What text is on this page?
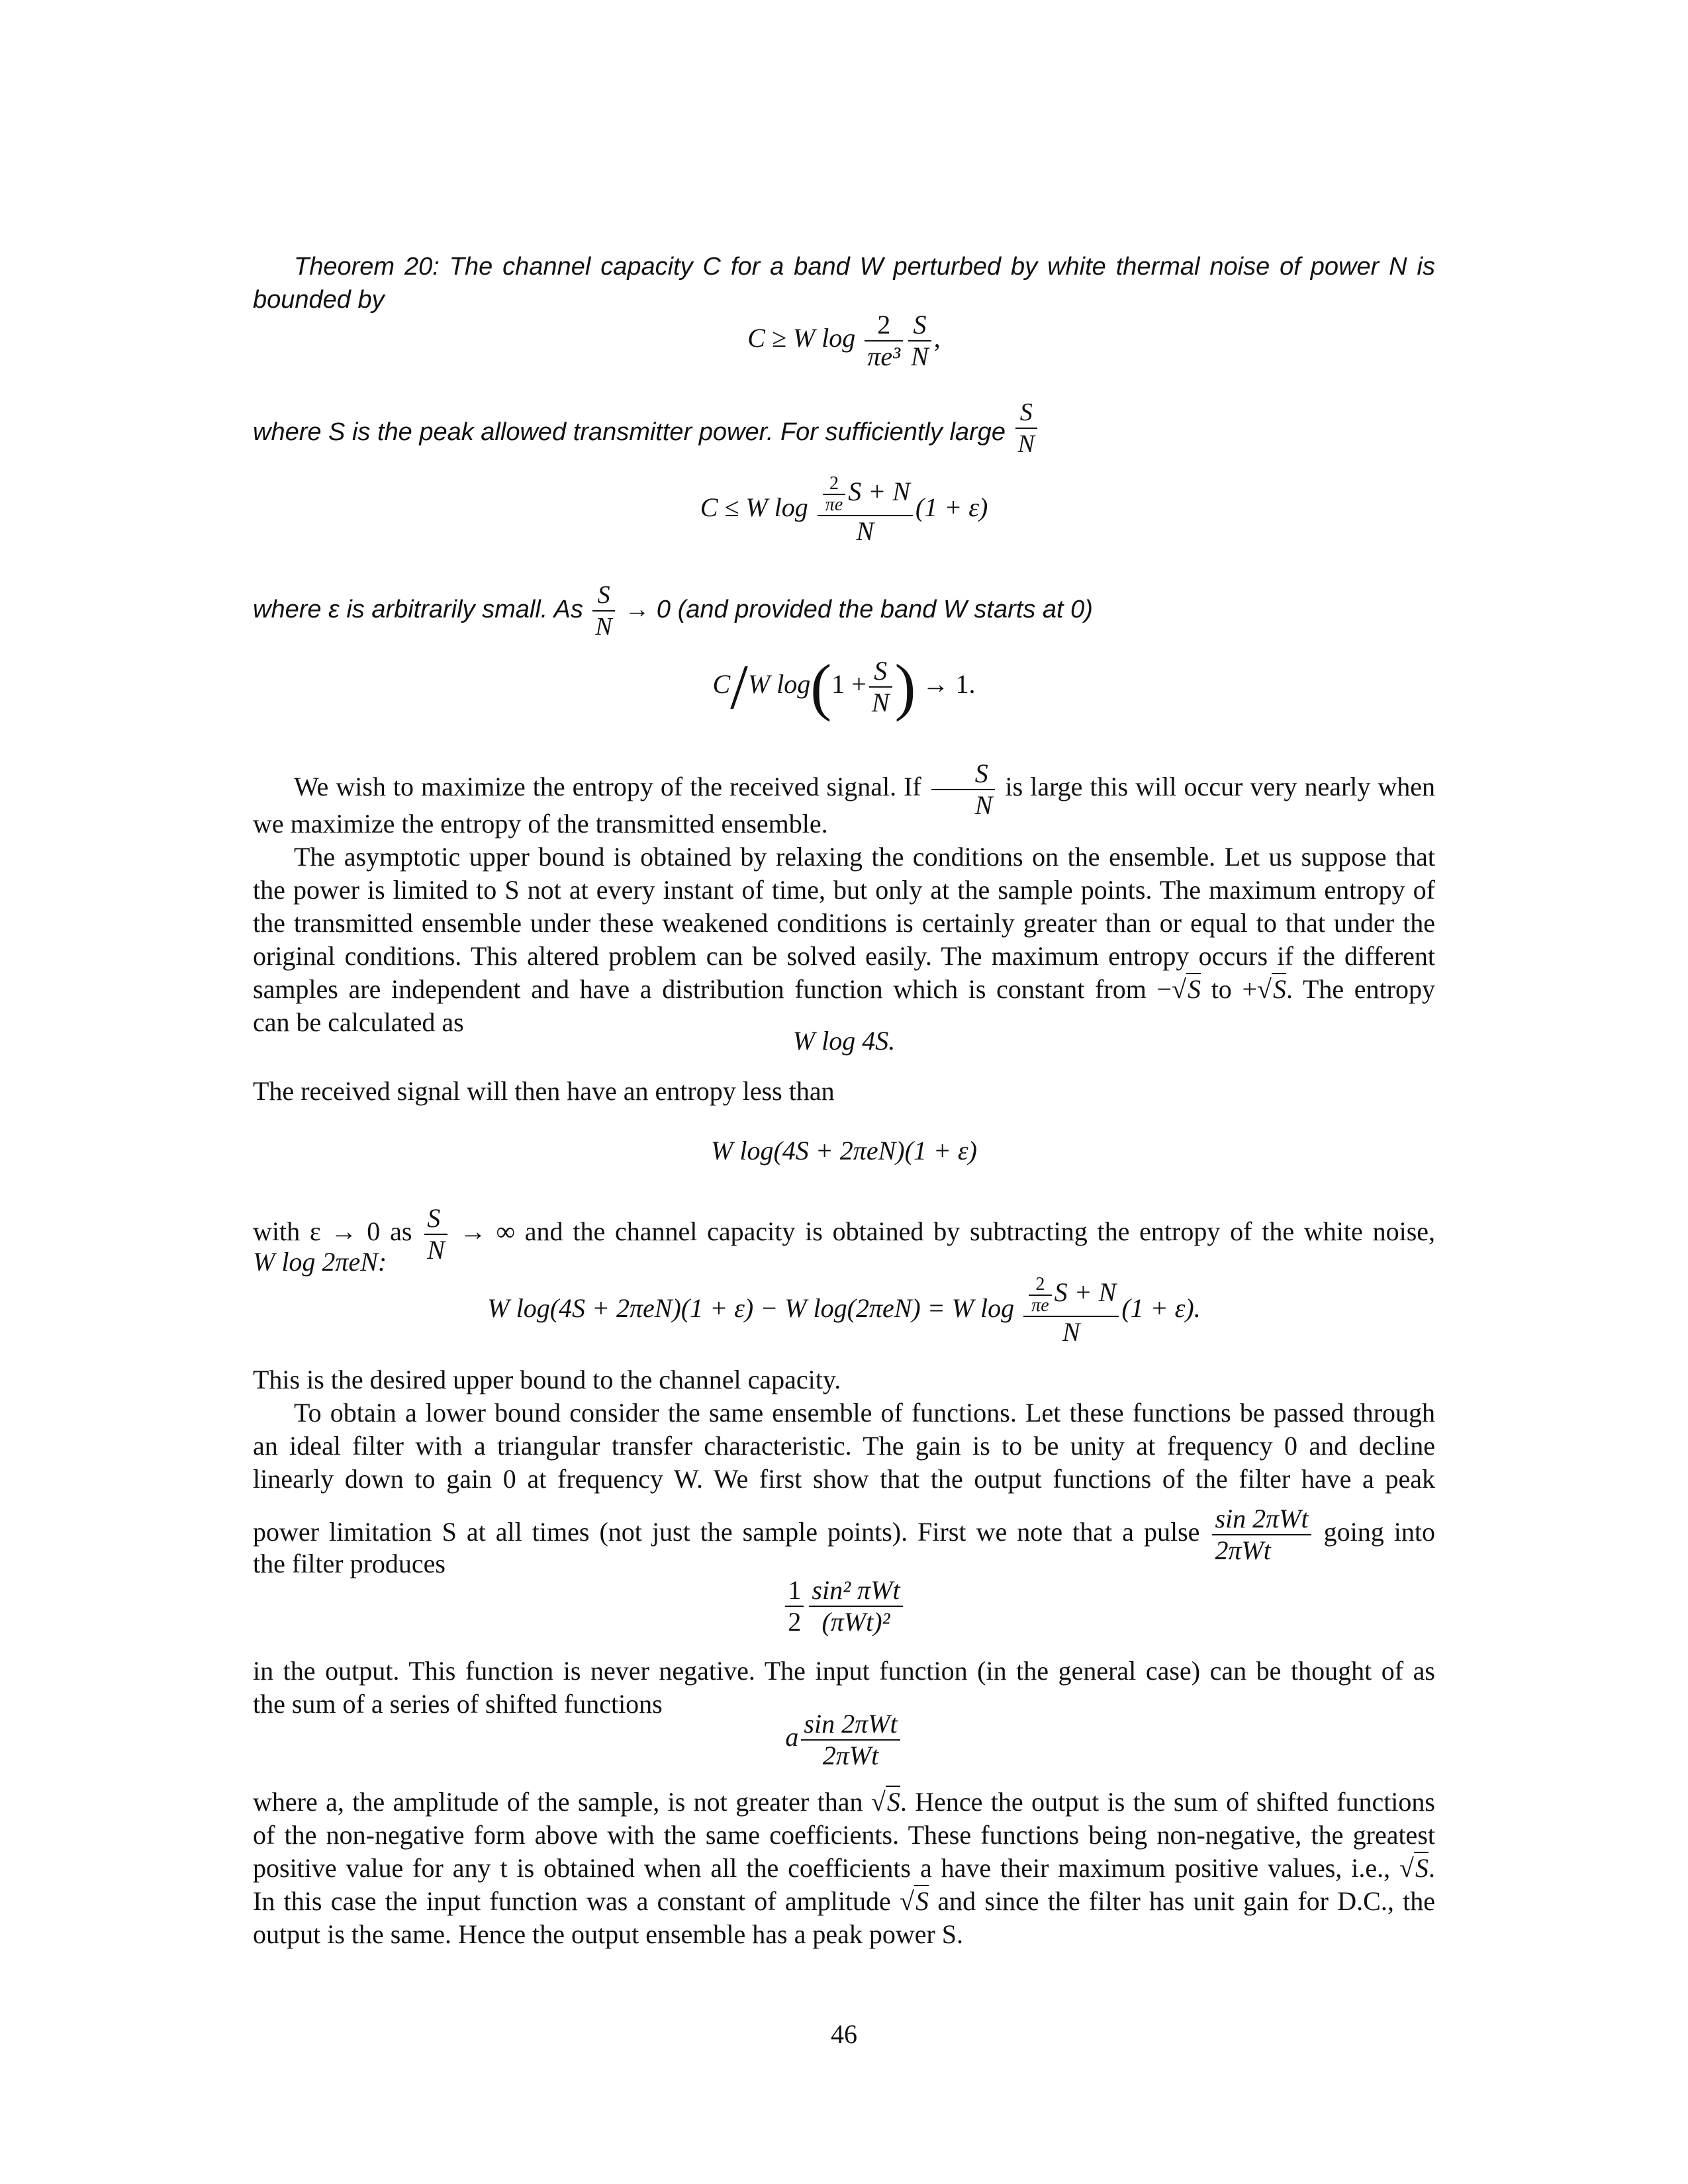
Theorem 20: The channel capacity C for a band W perturbed by white thermal noise of power N is
bounded by
C ≥ W $\log \frac{2}{\text{πe³}} \frac{S}{N}$ ,
where S is the peak allowed transmitter power. For sufficiently large $\frac{S}{N}$
C ≤ W $\log \frac{\frac{2}{\pi e} S + N}{N} (1 + \varepsilon)$
where ε is arbitrarily small. As $\frac{S}{N} \to 0$ (and provided the band W starts at 0)
C/W $\log(1 + \frac{S}{N}$ ) → 1.
We wish to maximize the entropy of the received signal. If $\frac{S}{N}$ is large this will occur very nearly when
we maximize the entropy of the transmitted ensemble.
The asymptotic upper bound is obtained by relaxing the conditions on the ensemble. Let us suppose that
the power is limited to S not at every instant of time, but only at the sample points. The maximum entropy of
the transmitted ensemble under these weakened conditions is certainly greater than or equal to that under the
original conditions. This altered problem can be solved easily. The maximum entropy occurs if the different
samples are independent and have a distribution function which is constant from −√S to +√S. The entropy
can be calculated as
W log 4S.
The received signal will then have an entropy less than
W log(4S + 2πeN)(1 + ε)
with ε → 0 as $\frac{S}{N}$ → ∞ and the channel capacity is obtained by subtracting the entropy of the white noise,
W log 2πeN:
W log(4S + 2πeN)(1 + ε) − W log(2πeN) = W $\log \frac{\frac{2}{\pi e} S + N}{N} (1 + \varepsilon)$.
This is the desired upper bound to the channel capacity.
To obtain a lower bound consider the same ensemble of functions. Let these functions be passed through
an ideal filter with a triangular transfer characteristic. The gain is to be unity at frequency 0 and decline
linearly down to gain 0 at frequency W. We first show that the output functions of the filter have a peak
power limitation S at all times (not just the sample points). First we note that a pulse $\frac{\text{sin 2πWt}}{\text{2πWt}}$ going into
the filter produces
$\frac{1}{2} \frac{\text{sin² πWt}}{\text{(πWt)²}}$
in the output. This function is never negative. The input function (in the general case) can be thought of as
the sum of a series of shifted functions
a $\frac{\text{sin 2πWt}}{\text{2πWt}}$
where a, the amplitude of the sample, is not greater than √S. Hence the output is the sum of shifted functions
of the non-negative form above with the same coefficients. These functions being non-negative, the greatest
positive value for any t is obtained when all the coefficients a have their maximum positive values, i.e., √S.
In this case the input function was a constant of amplitude √S and since the filter has unit gain for D.C., the
output is the same. Hence the output ensemble has a peak power S.
46
